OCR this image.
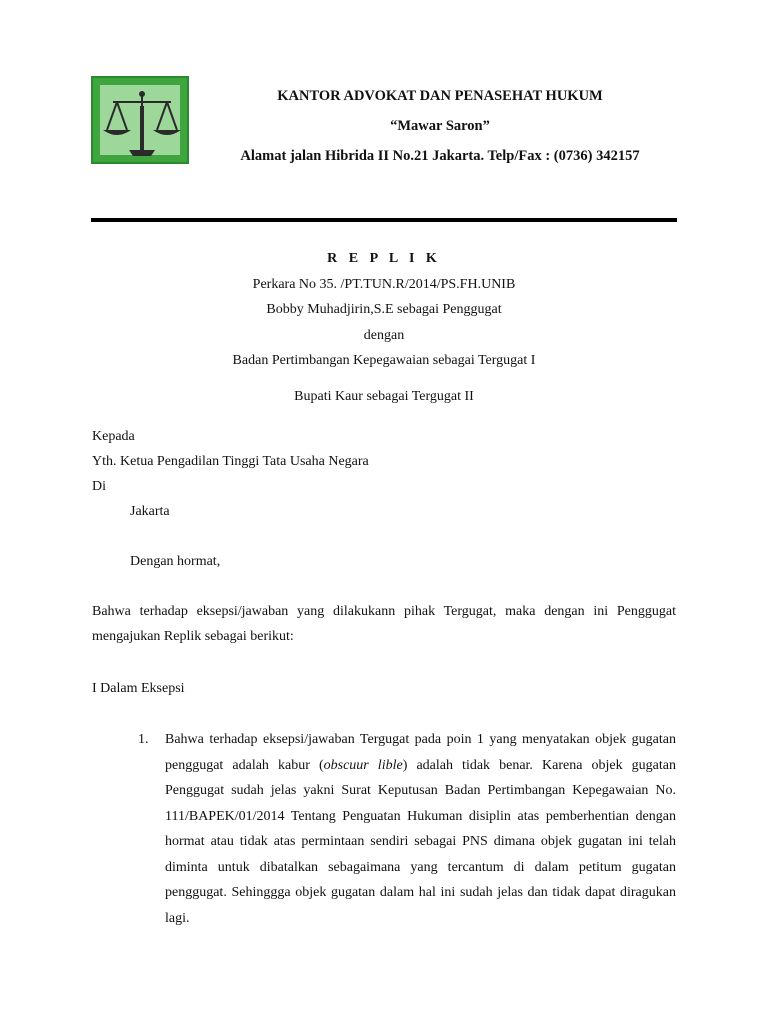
KANTOR ADVOKAT DAN PENASEHAT HUKUM
“Mawar Saron”
Alamat jalan Hibrida II No.21 Jakarta. Telp/Fax : (0736) 342157
R E P L I K
Perkara No 35. /PT.TUN.R/2014/PS.FH.UNIB
Bobby Muhadjirin,S.E sebagai Penggugat
dengan
Badan Pertimbangan Kepegawaian sebagai Tergugat I
Bupati Kaur sebagai Tergugat II
Kepada
Yth. Ketua Pengadilan Tinggi Tata Usaha Negara
Di
Jakarta
Dengan hormat,
Bahwa terhadap eksepsi/jawaban yang dilakukann pihak Tergugat, maka dengan ini Penggugat mengajukan Replik sebagai berikut:
I Dalam Eksepsi
1. Bahwa terhadap eksepsi/jawaban Tergugat pada poin 1 yang menyatakan objek gugatan penggugat adalah kabur (obscuur lible) adalah tidak benar. Karena objek gugatan Penggugat sudah jelas yakni Surat Keputusan Badan Pertimbangan Kepegawaian No. 111/BAPEK/01/2014 Tentang Penguatan Hukuman disiplin atas pemberhentian dengan hormat atau tidak atas permintaan sendiri sebagai PNS dimana objek gugatan ini telah diminta untuk dibatalkan sebagaimana yang tercantum di dalam petitum gugatan penggugat. Sehinggga objek gugatan dalam hal ini sudah jelas dan tidak dapat diragukan lagi.
